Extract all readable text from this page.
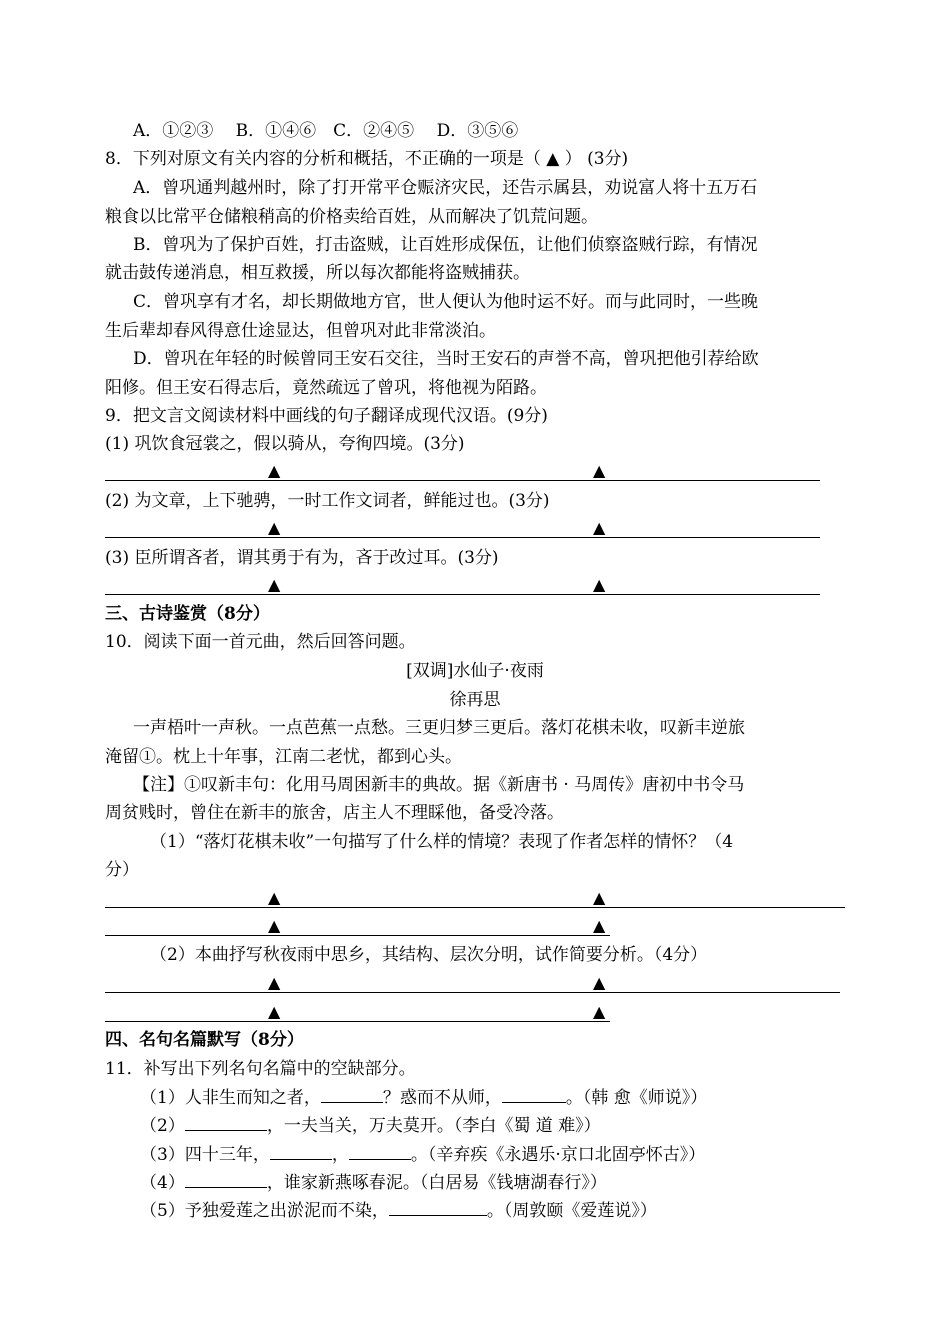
A．①②③　 B．①④⑥　C．②④⑤　 D．③⑤⑥
8．下列对原文有关内容的分析和概括，不正确的一项是（ ▲ ） (3分)
A．曾巩通判越州时，除了打开常平仓赈济灾民，还告示属县，劝说富人将十五万石
粮食以比常平仓储粮稍高的价格卖给百姓，从而解决了饥荒问题。
B．曾巩为了保护百姓，打击盗贼，让百姓形成保伍，让他们侦察盗贼行踪，有情况
就击鼓传递消息，相互救援，所以每次都能将盗贼捕获。
C．曾巩享有才名，却长期做地方官，世人便认为他时运不好。而与此同时，一些晚
生后辈却春风得意仕途显达，但曾巩对此非常淡泊。
D．曾巩在年轻的时候曾同王安石交往，当时王安石的声誉不高，曾巩把他引荐给欧
阳修。但王安石得志后，竟然疏远了曾巩，将他视为陌路。
9．把文言文阅读材料中画线的句子翻译成现代汉语。(9分)
(1) 巩饮食冠裳之，假以骑从，夸徇四境。(3分)
▲	▲
(2) 为文章，上下驰骋，一时工作文词者，鲜能过也。(3分)
▲	▲
(3) 臣所谓吝者，谓其勇于有为，吝于改过耳。(3分)
▲	▲
三、古诗鉴赏（8分）
10．阅读下面一首元曲，然后回答问题。
[双调]水仙子·夜雨
徐再思
一声梧叶一声秋。一点芭蕉一点愁。三更归梦三更后。落灯花棋未收，叹新丰逆旅
淹留①。枕上十年事，江南二老忧，都到心头。
【注】①叹新丰句：化用马周困新丰的典故。据《新唐书 · 马周传》唐初中书令马
周贫贱时，曾住在新丰的旅舍，店主人不理睬他，备受冷落。
（1）“落灯花棋未收”一句描写了什么样的情境？表现了作者怎样的情怀？（4
分）
▲	▲
▲	▲
（2）本曲抒写秋夜雨中思乡，其结构、层次分明，试作简要分析。（4分）
▲	▲
▲	▲
四、名句名篇默写（8分）
11．补写出下列名句名篇中的空缺部分。
（1）人非生而知之者，	？惑而不从师，	。（韩 愈《师说》）
（2）	，一夫当关，万夫莫开。（李白《蜀 道 难》）
（3）四十三年，	，	。（辛弃疾《永遇乐·京口北固亭怀古》）
（4）	，谁家新燕啄春泥。（白居易《钱塘湖春行》）
（5）予独爱莲之出淤泥而不染，	。（周敦颐《爱莲说》）
